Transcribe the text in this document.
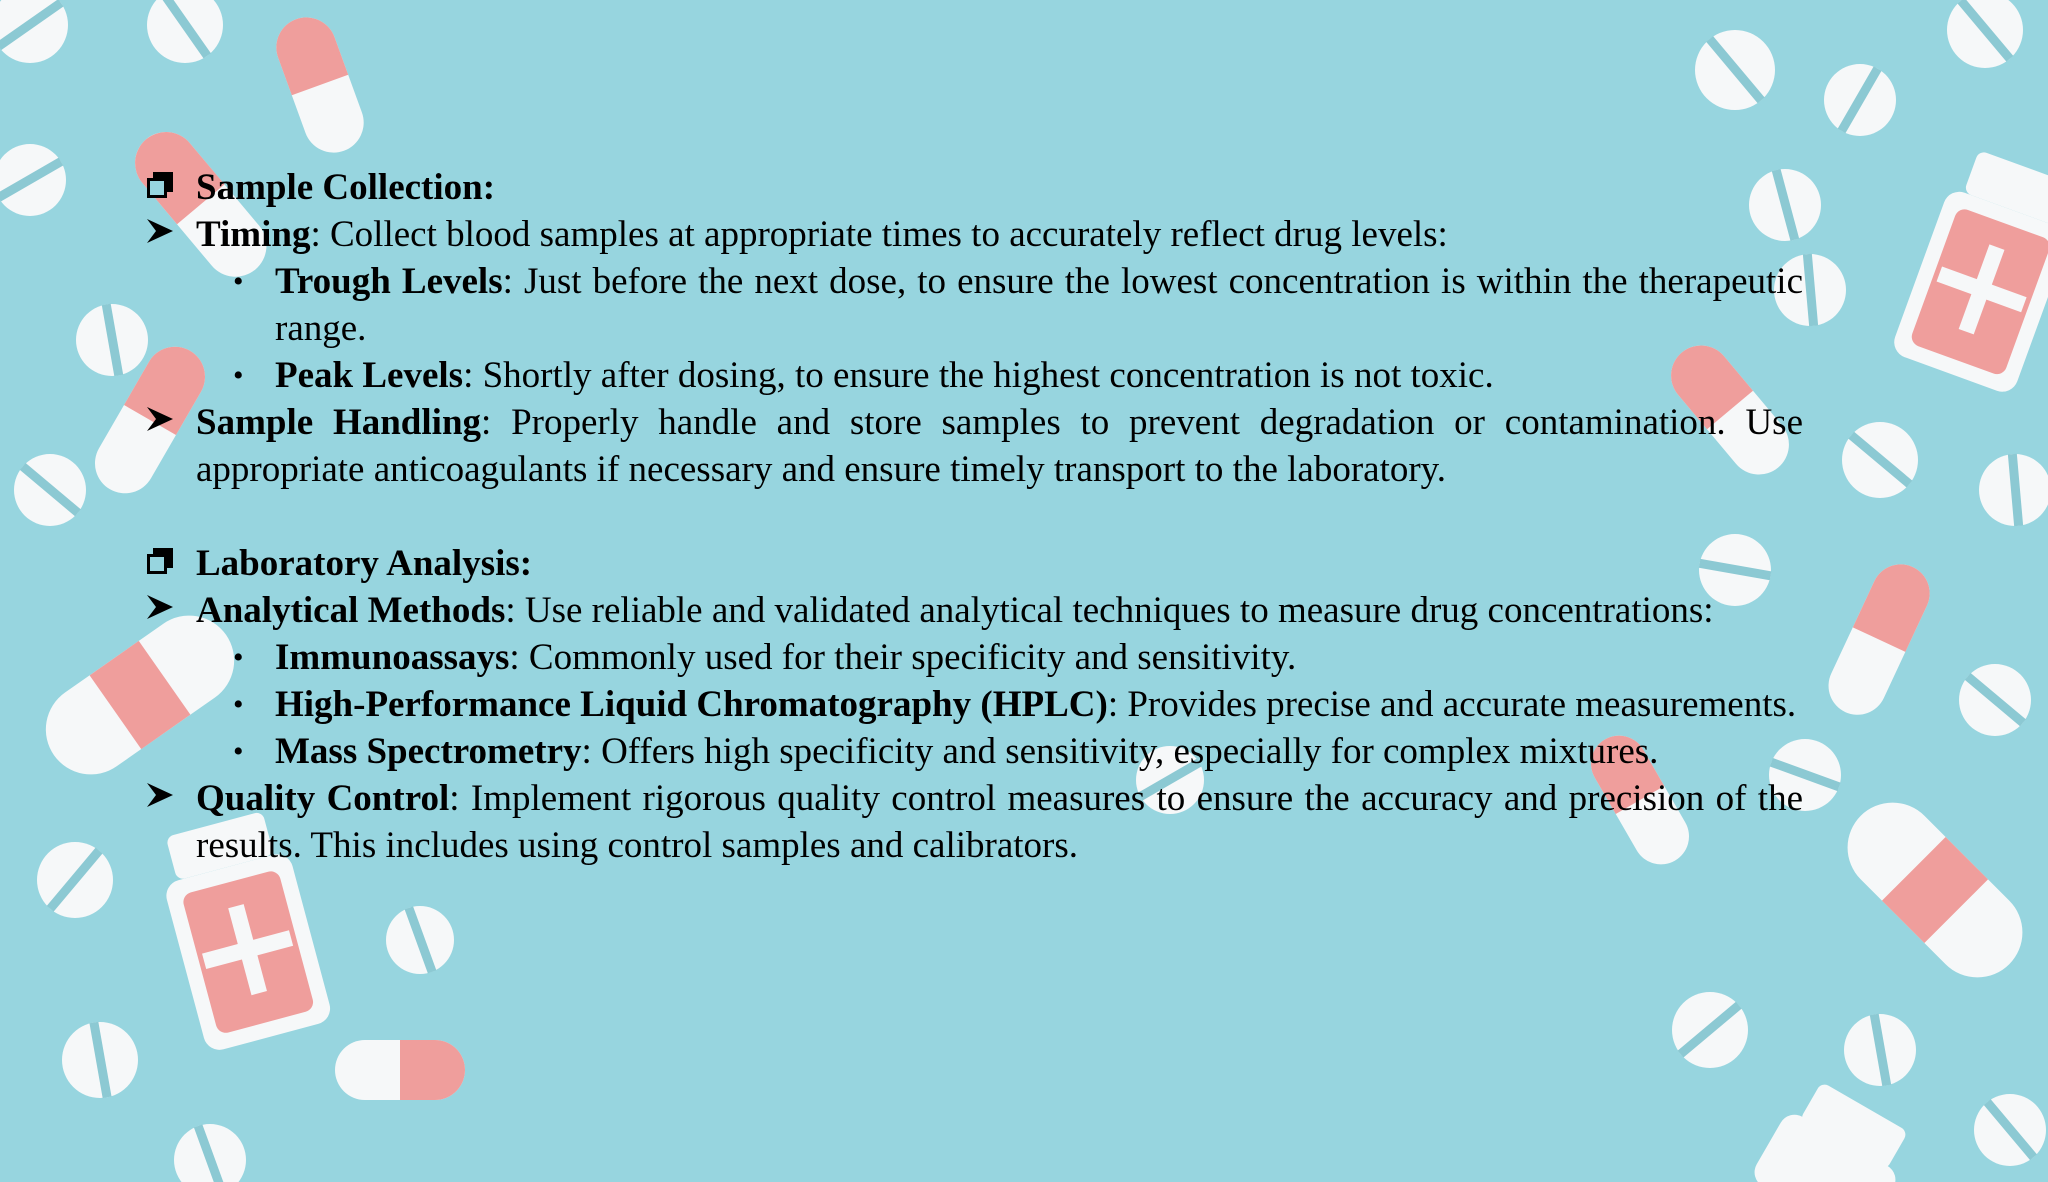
Sample Collection:
Timing: Collect blood samples at appropriate times to accurately reflect drug levels:
• Trough Levels: Just before the next dose, to ensure the lowest concentration is within the therapeutic range.
• Peak Levels: Shortly after dosing, to ensure the highest concentration is not toxic.
Sample Handling: Properly handle and store samples to prevent degradation or contamination. Use appropriate anticoagulants if necessary and ensure timely transport to the laboratory.
Laboratory Analysis:
Analytical Methods: Use reliable and validated analytical techniques to measure drug concentrations:
• Immunoassays: Commonly used for their specificity and sensitivity.
• High-Performance Liquid Chromatography (HPLC): Provides precise and accurate measurements.
• Mass Spectrometry: Offers high specificity and sensitivity, especially for complex mixtures.
Quality Control: Implement rigorous quality control measures to ensure the accuracy and precision of the results. This includes using control samples and calibrators.
